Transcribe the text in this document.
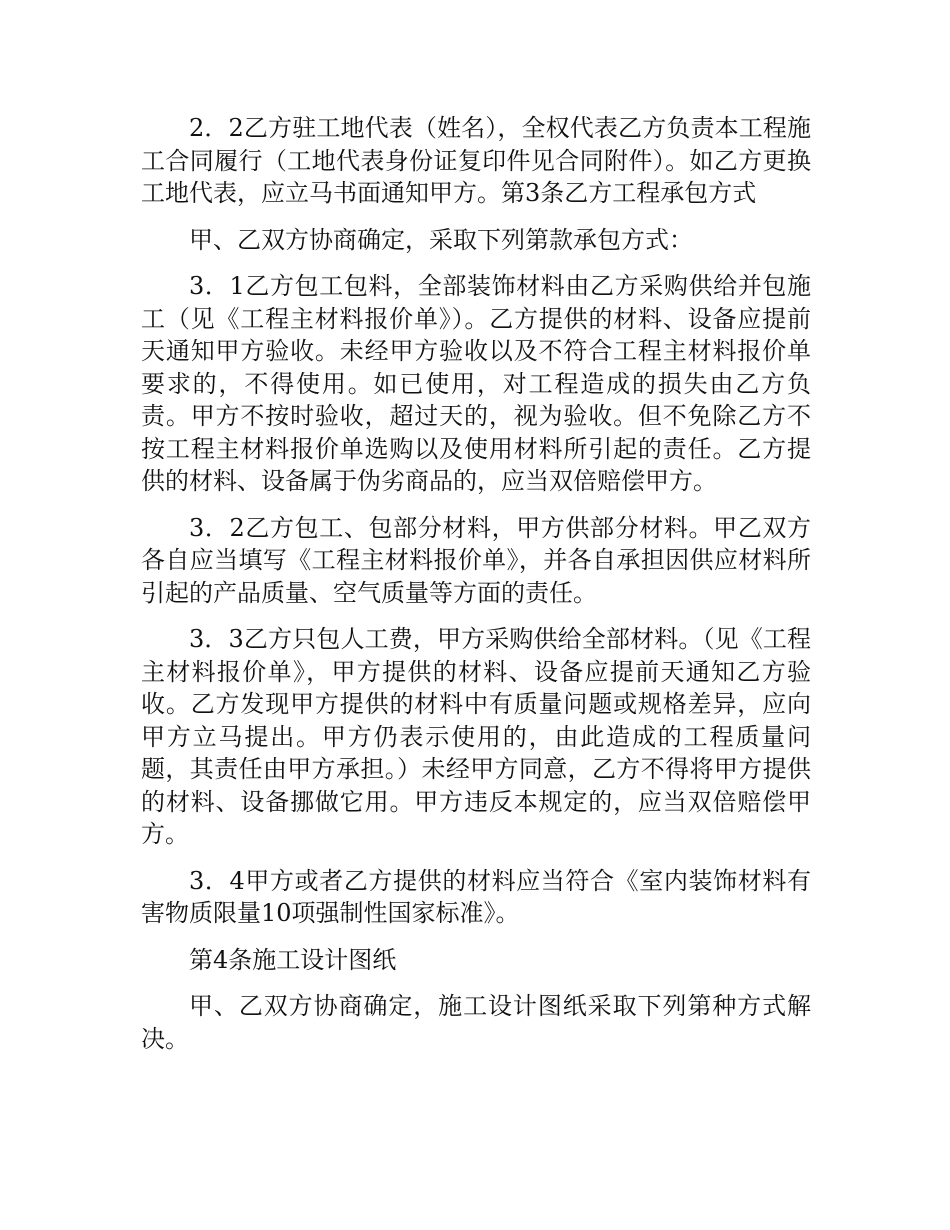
2．2乙方驻工地代表（姓名），全权代表乙方负责本工程施工合同履行（工地代表身份证复印件见合同附件）。如乙方更换工地代表，应立马书面通知甲方。第3条乙方工程承包方式

甲、乙双方协商确定，采取下列第款承包方式：

3．1乙方包工包料，全部装饰材料由乙方采购供给并包施工（见《工程主材料报价单》）。乙方提供的材料、设备应提前天通知甲方验收。未经甲方验收以及不符合工程主材料报价单要求的，不得使用。如已使用，对工程造成的损失由乙方负责。甲方不按时验收，超过天的，视为验收。但不免除乙方不按工程主材料报价单选购以及使用材料所引起的责任。乙方提供的材料、设备属于伪劣商品的，应当双倍赔偿甲方。

3．2乙方包工、包部分材料，甲方供部分材料。甲乙双方各自应当填写《工程主材料报价单》，并各自承担因供应材料所引起的产品质量、空气质量等方面的责任。

3．3乙方只包人工费，甲方采购供给全部材料。（见《工程主材料报价单》，甲方提供的材料、设备应提前天通知乙方验收。乙方发现甲方提供的材料中有质量问题或规格差异，应向甲方立马提出。甲方仍表示使用的，由此造成的工程质量问题，其责任由甲方承担。）未经甲方同意，乙方不得将甲方提供的材料、设备挪做它用。甲方违反本规定的，应当双倍赔偿甲方。

3．4甲方或者乙方提供的材料应当符合《室内装饰材料有害物质限量10项强制性国家标准》。

第4条施工设计图纸

甲、乙双方协商确定，施工设计图纸采取下列第种方式解决。
